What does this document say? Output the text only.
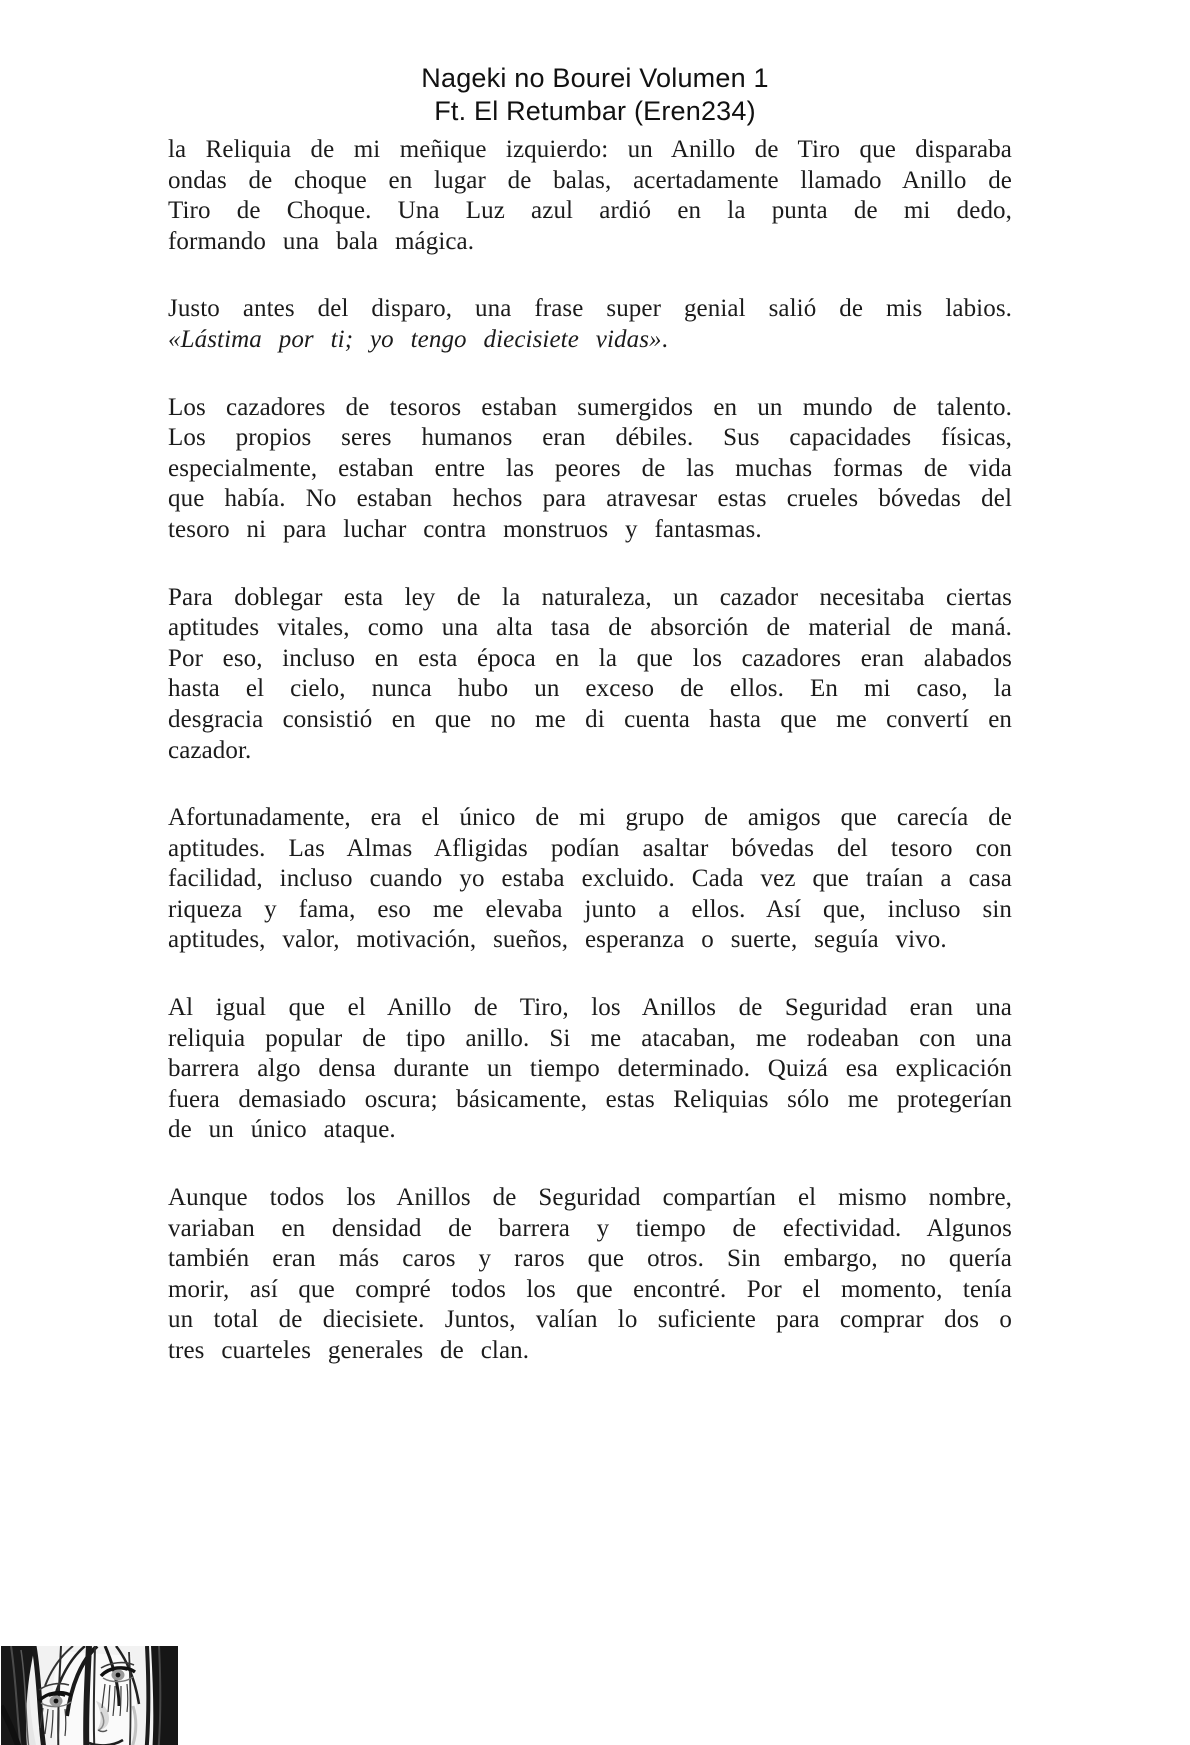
Nageki no Bourei Volumen 1
Ft. El Retumbar (Eren234)

la Reliquia de mi meñique izquierdo: un Anillo de Tiro que disparaba ondas de choque en lugar de balas, acertadamente llamado Anillo de Tiro de Choque. Una Luz azul ardió en la punta de mi dedo, formando una bala mágica.

Justo antes del disparo, una frase super genial salió de mis labios. «Lástima por ti; yo tengo diecisiete vidas».

Los cazadores de tesoros estaban sumergidos en un mundo de talento. Los propios seres humanos eran débiles. Sus capacidades físicas, especialmente, estaban entre las peores de las muchas formas de vida que había. No estaban hechos para atravesar estas crueles bóvedas del tesoro ni para luchar contra monstruos y fantasmas.

Para doblegar esta ley de la naturaleza, un cazador necesitaba ciertas aptitudes vitales, como una alta tasa de absorción de material de maná. Por eso, incluso en esta época en la que los cazadores eran alabados hasta el cielo, nunca hubo un exceso de ellos. En mi caso, la desgracia consistió en que no me di cuenta hasta que me convertí en cazador.

Afortunadamente, era el único de mi grupo de amigos que carecía de aptitudes. Las Almas Afligidas podían asaltar bóvedas del tesoro con facilidad, incluso cuando yo estaba excluido. Cada vez que traían a casa riqueza y fama, eso me elevaba junto a ellos. Así que, incluso sin aptitudes, valor, motivación, sueños, esperanza o suerte, seguía vivo.

Al igual que el Anillo de Tiro, los Anillos de Seguridad eran una reliquia popular de tipo anillo. Si me atacaban, me rodeaban con una barrera algo densa durante un tiempo determinado. Quizá esa explicación fuera demasiado oscura; básicamente, estas Reliquias sólo me protegerían de un único ataque.

Aunque todos los Anillos de Seguridad compartían el mismo nombre, variaban en densidad de barrera y tiempo de efectividad. Algunos también eran más caros y raros que otros. Sin embargo, no quería morir, así que compré todos los que encontré. Por el momento, tenía un total de diecisiete. Juntos, valían lo suficiente para comprar dos o tres cuarteles generales de clan.
